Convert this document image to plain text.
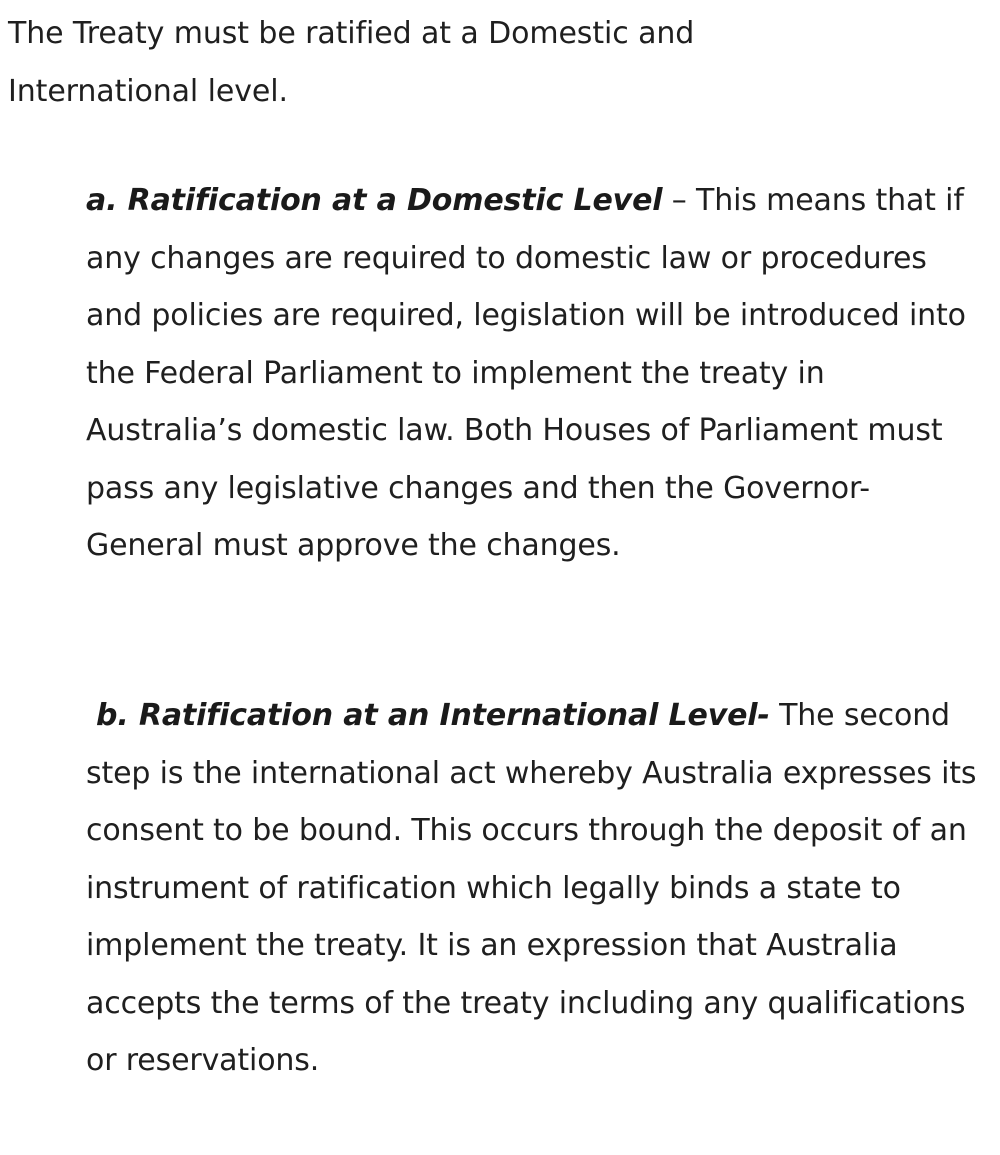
The Treaty must be ratified at a Domestic and International level.

a. Ratification at a Domestic Level – This means that if any changes are required to domestic law or procedures and policies are required, legislation will be introduced into the Federal Parliament to implement the treaty in Australia’s domestic law. Both Houses of Parliament must pass any legislative changes and then the Governor-General must approve the changes.

b. Ratification at an International Level- The second step is the international act whereby Australia expresses its consent to be bound. This occurs through the deposit of an instrument of ratification which legally binds a state to implement the treaty. It is an expression that Australia accepts the terms of the treaty including any qualifications or reservations.
